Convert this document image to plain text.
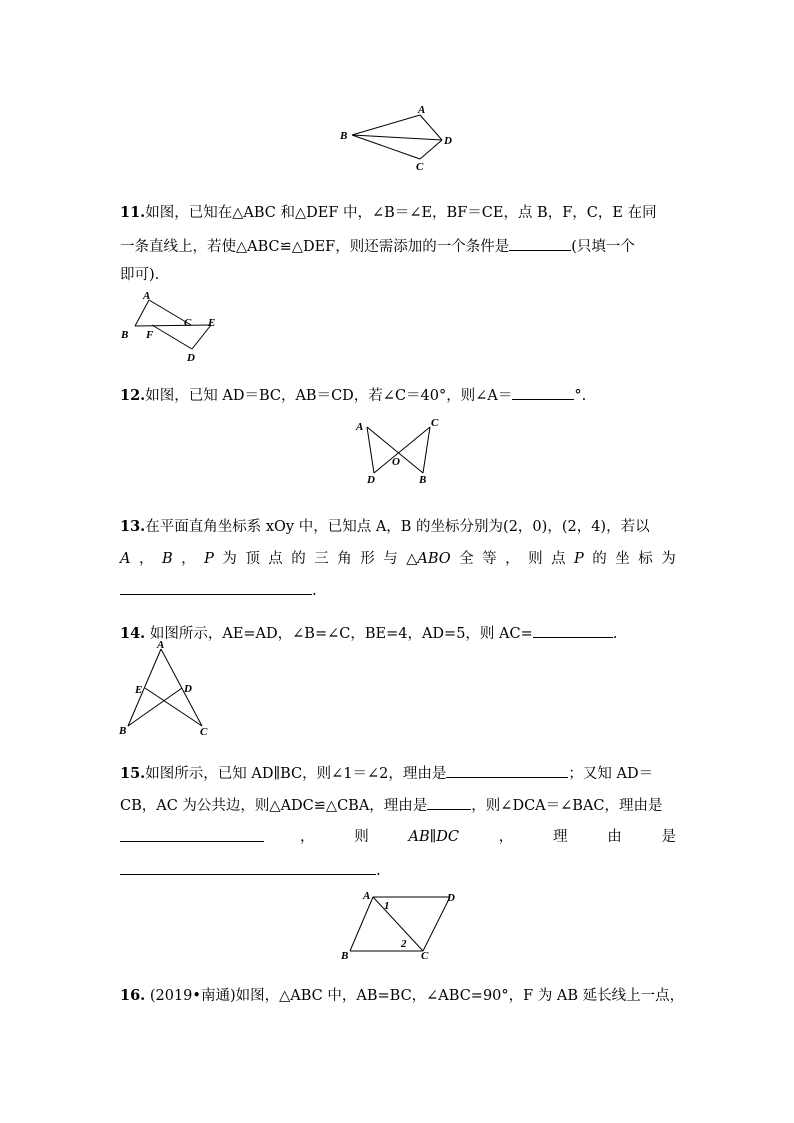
A
B	D
C
11.如图，已知在△ABC 和△DEF 中，∠B＝∠E，BF＝CE，点 B，F，C，E 在同
一条直线上，若使△ABC≌△DEF，则还需添加的一个条件是	(只填一个
即可).
A
B F
C E
D
12.如图，已知 AD＝BC，AB＝CD，若∠C＝40°，则∠A＝	°.
A	C
O
D	B
13.在平面直角坐标系 xOy 中，已知点 A，B 的坐标分别为(2，0)，(2，4)，若以
A ， B ， P 为 顶 点 的 三 角 形 与 △ABO 全 等 ， 则 点 P 的 坐 标 为
.
14. 如图所示，AE=AD，∠B=∠C，BE=4，AD=5，则 AC=	.
A
E	D
B	C
15.如图所示，已知 AD∥BC，则∠1＝∠2，理由是	；又知 AD＝
CB，AC 为公共边，则△ADC≌△CBA，理由是	，则∠DCA＝∠BAC，理由是
，	则	AB∥DC	，	理	由	是
.
A	D
1
2
B	C
16. (2019•南通)如图，△ABC 中，AB=BC，∠ABC=90°，F 为 AB 延长线上一点，
